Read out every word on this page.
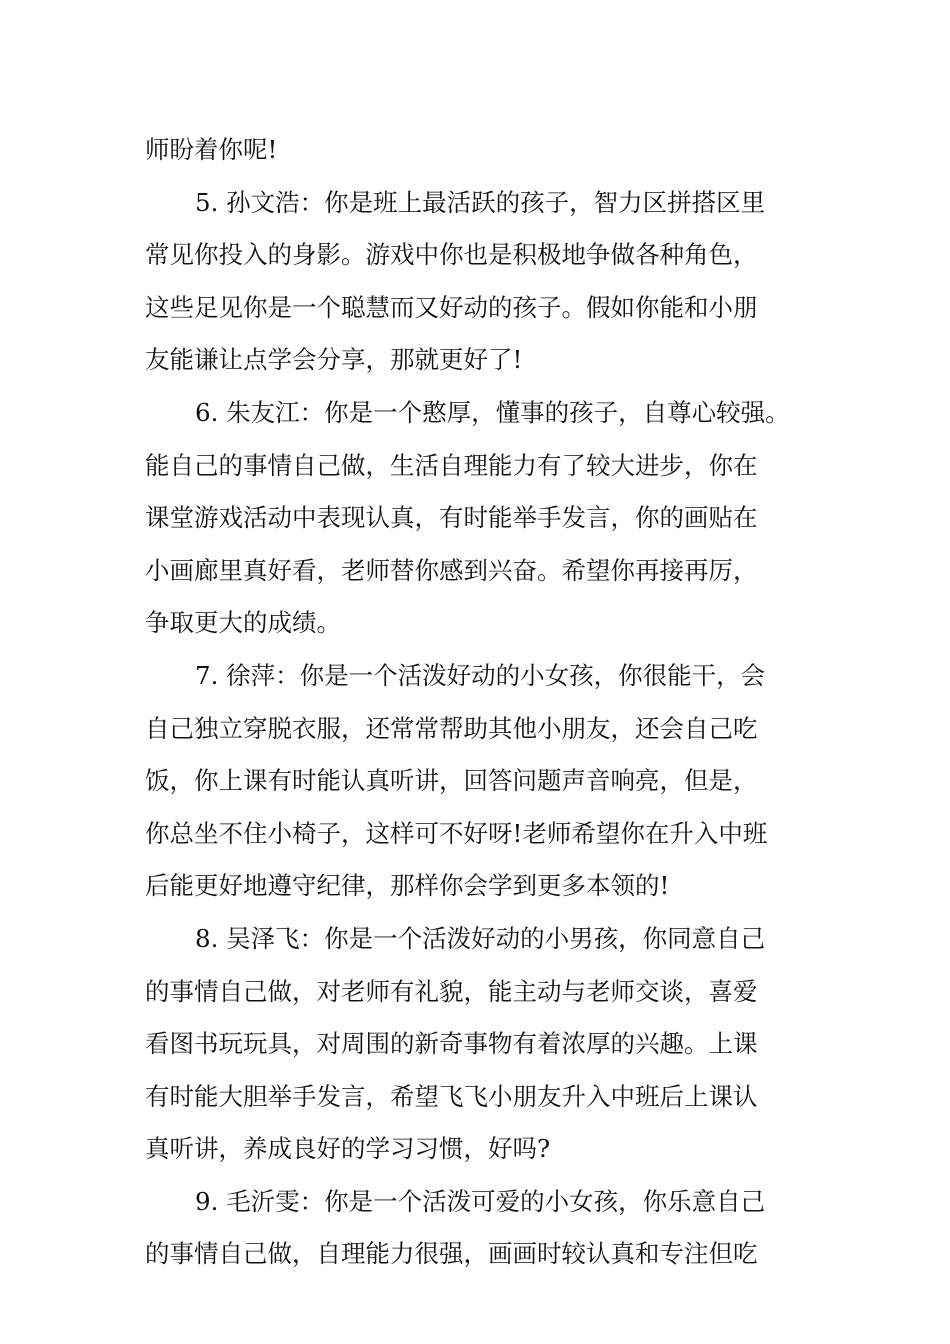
师盼着你呢!
5. 孙文浩：你是班上最活跃的孩子，智力区拼搭区里
常见你投入的身影。游戏中你也是积极地争做各种角色，
这些足见你是一个聪慧而又好动的孩子。假如你能和小朋
友能谦让点学会分享，那就更好了!
6. 朱友江：你是一个憨厚，懂事的孩子，自尊心较强。
能自己的事情自己做，生活自理能力有了较大进步，你在
课堂游戏活动中表现认真，有时能举手发言，你的画贴在
小画廊里真好看，老师替你感到兴奋。希望你再接再厉，
争取更大的成绩。
7. 徐萍：你是一个活泼好动的小女孩，你很能干，会
自己独立穿脱衣服，还常常帮助其他小朋友，还会自己吃
饭，你上课有时能认真听讲，回答问题声音响亮，但是，
你总坐不住小椅子，这样可不好呀!老师希望你在升入中班
后能更好地遵守纪律，那样你会学到更多本领的!
8. 吴泽飞：你是一个活泼好动的小男孩，你同意自己
的事情自己做，对老师有礼貌，能主动与老师交谈，喜爱
看图书玩玩具，对周围的新奇事物有着浓厚的兴趣。上课
有时能大胆举手发言，希望飞飞小朋友升入中班后上课认
真听讲，养成良好的学习习惯，好吗?
9. 毛沂雯：你是一个活泼可爱的小女孩，你乐意自己
的事情自己做，自理能力很强，画画时较认真和专注但吃
